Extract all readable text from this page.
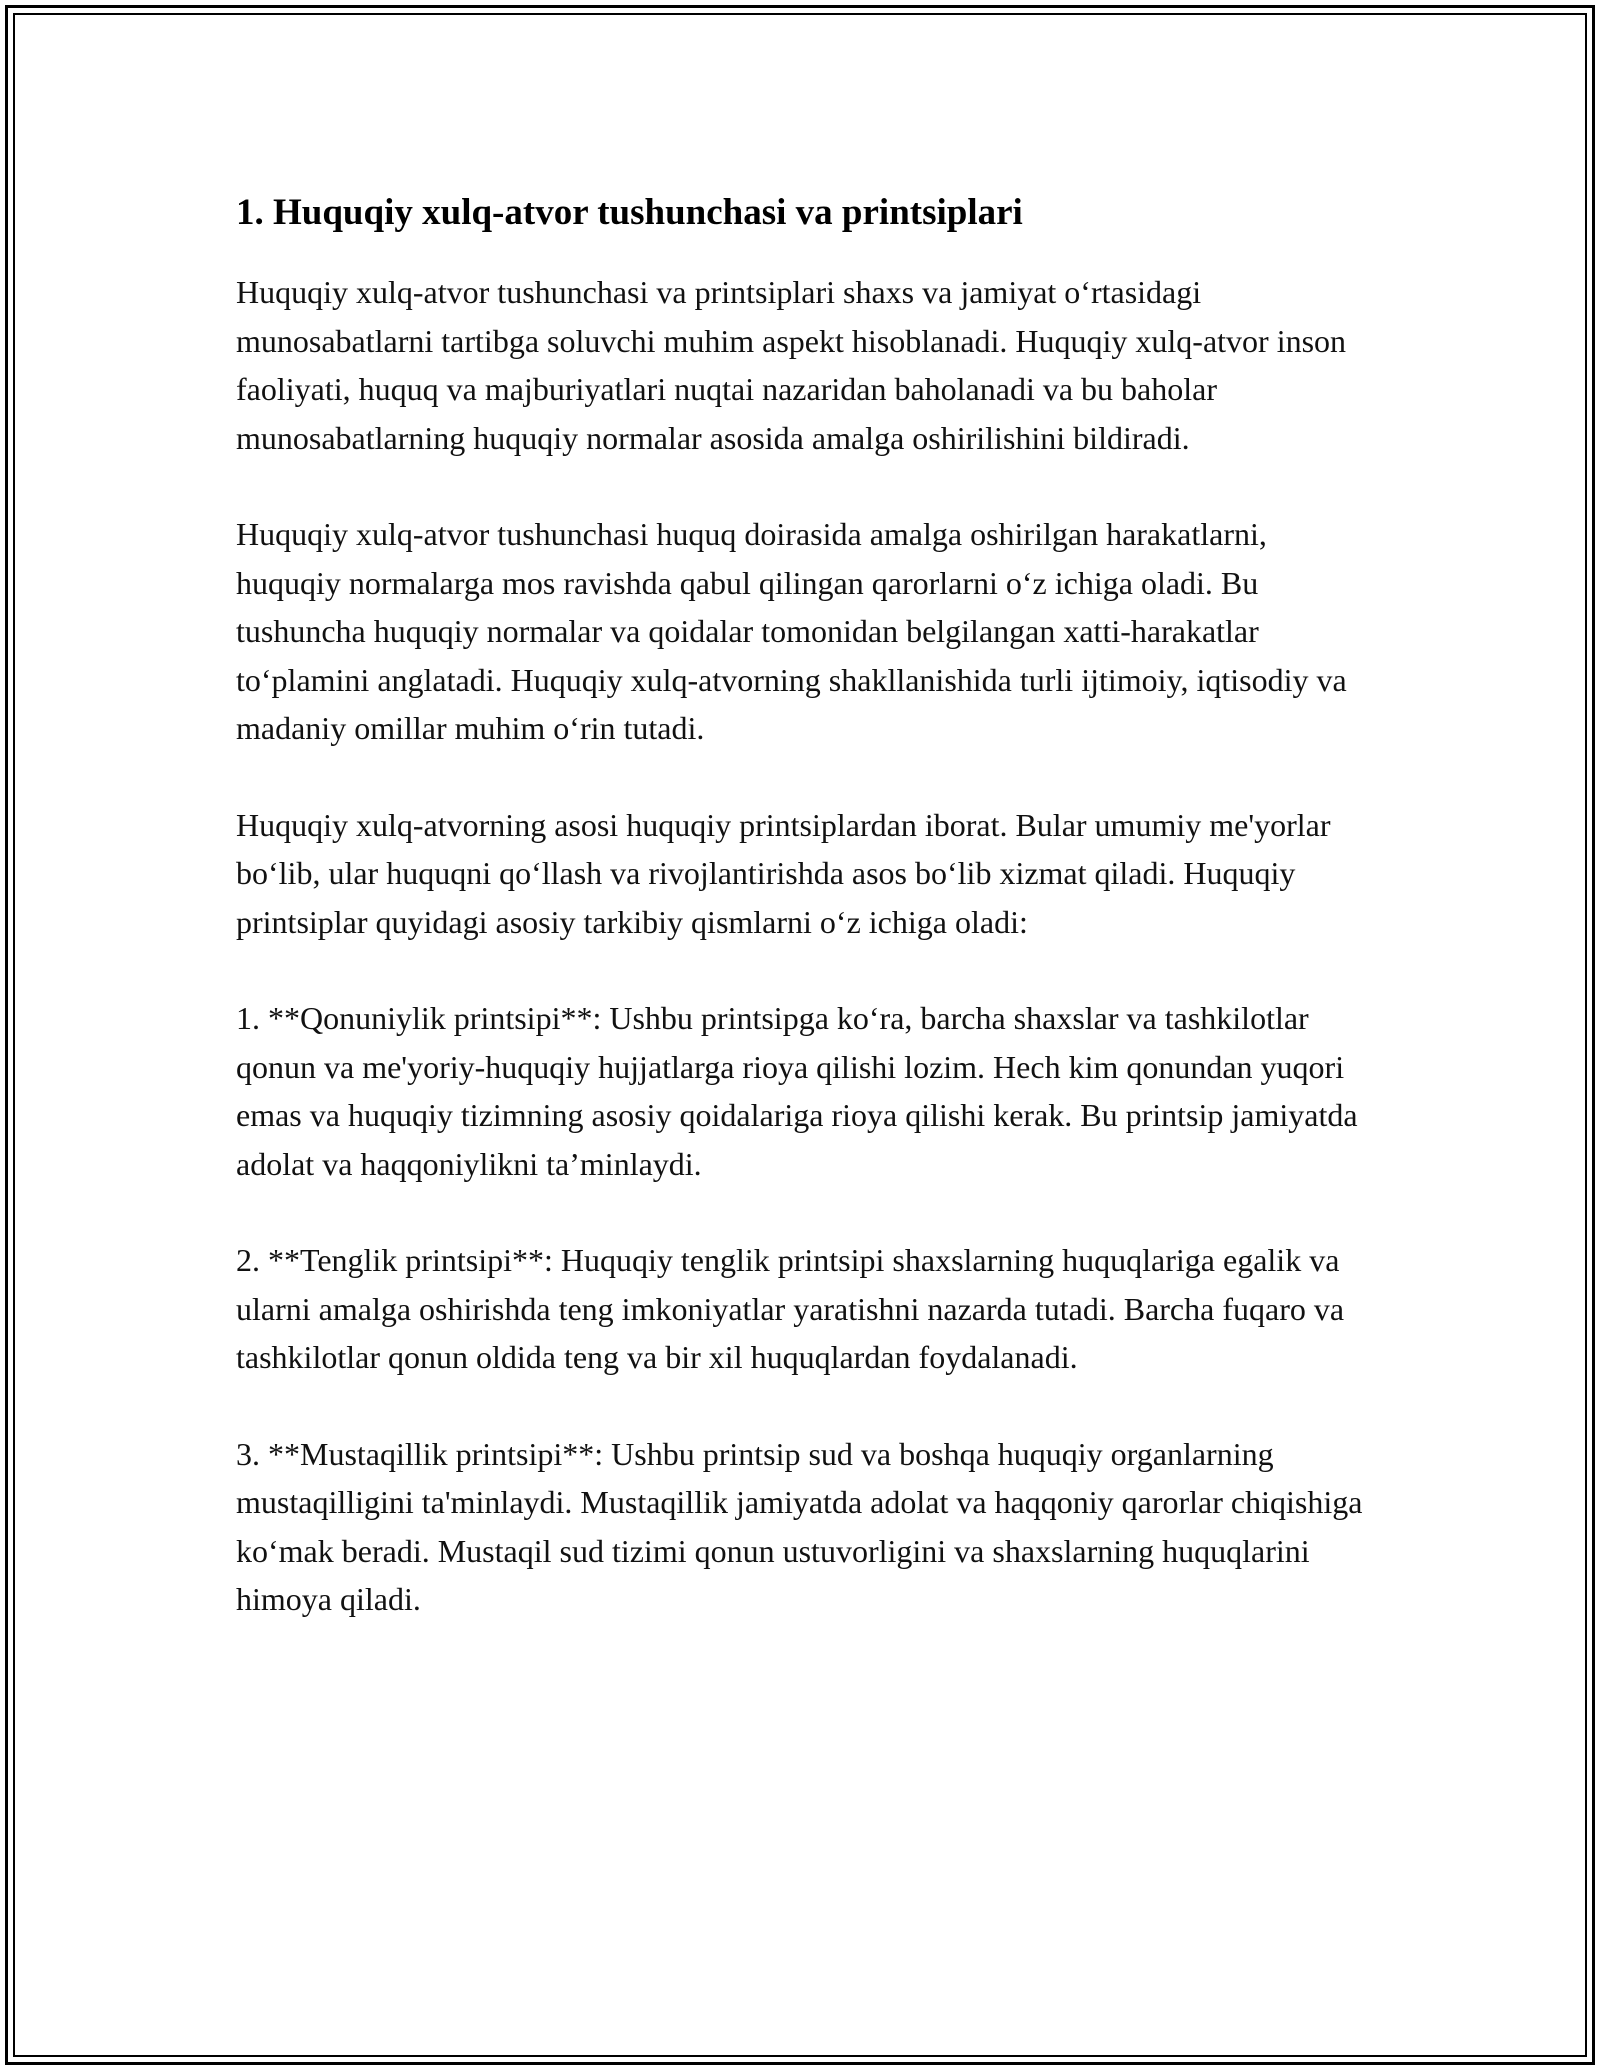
1. Huquqiy xulq-atvor tushunchasi va printsiplari

Huquqiy xulq-atvor tushunchasi va printsiplari shaxs va jamiyat o‘rtasidagi munosabatlarni tartibga soluvchi muhim aspekt hisoblanadi. Huquqiy xulq-atvor inson faoliyati, huquq va majburiyatlari nuqtai nazaridan baholanadi va bu baholar munosabatlarning huquqiy normalar asosida amalga oshirilishini bildiradi.

Huquqiy xulq-atvor tushunchasi huquq doirasida amalga oshirilgan harakatlarni, huquqiy normalarga mos ravishda qabul qilingan qarorlarni o‘z ichiga oladi. Bu tushuncha huquqiy normalar va qoidalar tomonidan belgilangan xatti-harakatlar to‘plamini anglatadi. Huquqiy xulq-atvorning shakllanishida turli ijtimoiy, iqtisodiy va madaniy omillar muhim o‘rin tutadi.

Huquqiy xulq-atvorning asosi huquqiy printsiplardan iborat. Bular umumiy me'yorlar bo‘lib, ular huquqni qo‘llash va rivojlantirishda asos bo‘lib xizmat qiladi. Huquqiy printsiplar quyidagi asosiy tarkibiy qismlarni o‘z ichiga oladi:

1. **Qonuniylik printsipi**: Ushbu printsipga ko‘ra, barcha shaxslar va tashkilotlar qonun va me'yoriy-huquqiy hujjatlarga rioya qilishi lozim. Hech kim qonundan yuqori emas va huquqiy tizimning asosiy qoidalariga rioya qilishi kerak. Bu printsip jamiyatda adolat va haqqoniylikni ta’minlaydi.

2. **Tenglik printsipi**: Huquqiy tenglik printsipi shaxslarning huquqlariga egalik va ularni amalga oshirishda teng imkoniyatlar yaratishni nazarda tutadi. Barcha fuqaro va tashkilotlar qonun oldida teng va bir xil huquqlardan foydalanadi.

3. **Mustaqillik printsipi**: Ushbu printsip sud va boshqa huquqiy organlarning mustaqilligini ta'minlaydi. Mustaqillik jamiyatda adolat va haqqoniy qarorlar chiqishiga ko‘mak beradi. Mustaqil sud tizimi qonun ustuvorligini va shaxslarning huquqlarini himoya qiladi.
